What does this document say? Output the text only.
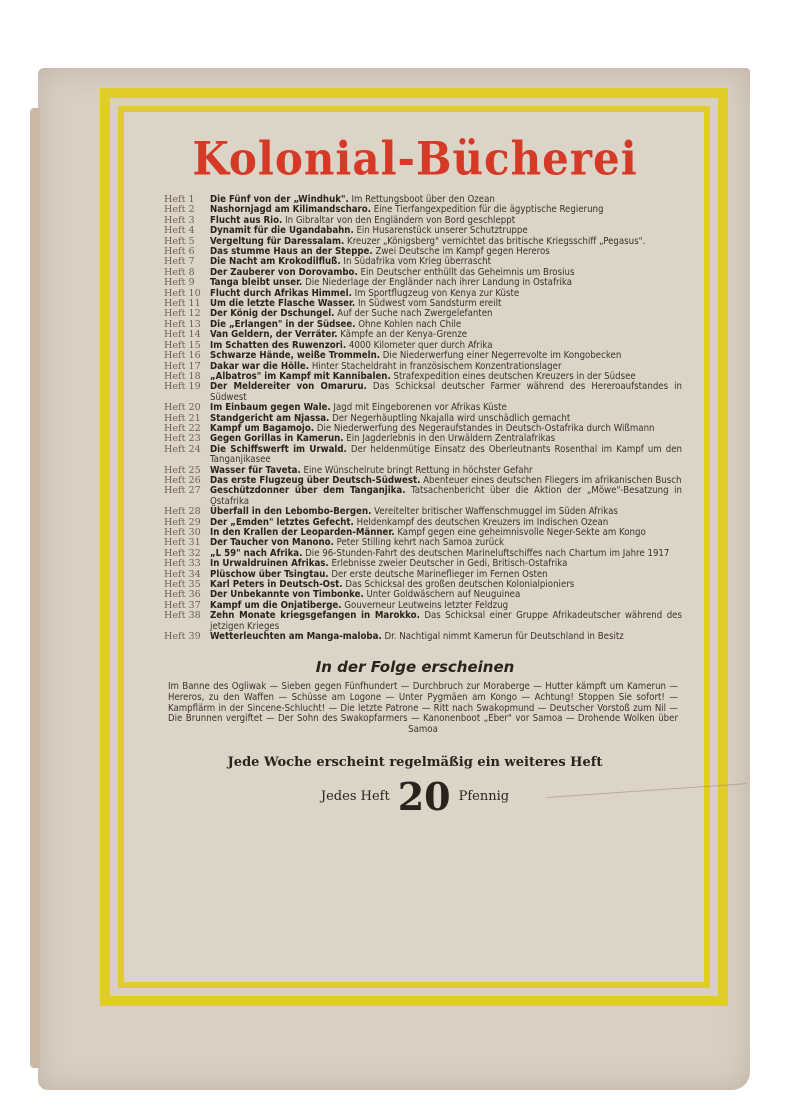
Kolonial-Bücherei
Heft 1	Die Fünf von der „Windhuk". Im Rettungsboot über den Ozean
Heft 2	Nashornjagd am Kilimandscharo. Eine Tierfangexpedition für die ägyptische Regierung
Heft 3	Flucht aus Rio. In Gibraltar von den Engländern von Bord geschleppt
Heft 4	Dynamit für die Ugandabahn. Ein Husarenstück unserer Schutztruppe
Heft 5	Vergeltung für Daressalam. Kreuzer „Königsberg" vernichtet das britische Kriegsschiff „Pegasus".
Heft 6	Das stumme Haus an der Steppe. Zwei Deutsche im Kampf gegen Hereros
Heft 7	Die Nacht am Krokodilfluß. In Südafrika vom Krieg überrascht
Heft 8	Der Zauberer von Dorovambo. Ein Deutscher enthüllt das Geheimnis um Brosius
Heft 9	Tanga bleibt unser. Die Niederlage der Engländer nach ihrer Landung in Ostafrika
Heft 10 Flucht durch Afrikas Himmel. Im Sportflugzeug von Kenya zur Küste
Heft 11 Um die letzte Flasche Wasser. In Südwest vom Sandsturm ereilt
Heft 12 Der König der Dschungel. Auf der Suche nach Zwergelefanten
Heft 13 Die „Erlangen" in der Südsee. Ohne Kohlen nach Chile
Heft 14 Van Geldern, der Verräter. Kämpfe an der Kenya-Grenze
Heft 15 Im Schatten des Ruwenzori. 4000 Kilometer quer durch Afrika
Heft 16 Schwarze Hände, weiße Trommeln. Die Niederwerfung einer Negerrevolte im Kongobecken
Heft 17 Dakar war die Hölle. Hinter Stacheldraht in französischem Konzentrationslager
Heft 18 „Albatros" im Kampf mit Kannibalen. Strafexpedition eines deutschen Kreuzers in der Südsee
Heft 19 Der Meldereiter von Omaruru. Das Schicksal deutscher Farmer während des Hereroaufstandes in Südwest
Heft 20 Im Einbaum gegen Wale. Jagd mit Eingeborenen vor Afrikas Küste
Heft 21 Standgericht am Njassa. Der Negerhäuptling Nkajalla wird unschädlich gemacht
Heft 22 Kampf um Bagamojo. Die Niederwerfung des Negeraufstandes in Deutsch-Ostafrika durch Wißmann
Heft 23 Gegen Gorillas in Kamerun. Ein Jagderlebnis in den Urwäldern Zentralafrikas
Heft 24 Die Schiffswerft im Urwald. Der heldenmütige Einsatz des Oberleutnants Rosenthal im Kampf um den Tanganjikasee
Heft 25 Wasser für Taveta. Eine Wünschelrute bringt Rettung in höchster Gefahr
Heft 26 Das erste Flugzeug über Deutsch-Südwest. Abenteuer eines deutschen Fliegers im afrikanischen Busch
Heft 27 Geschützdonner über dem Tanganjika. Tatsachenbericht über die Aktion der „Möwe"-Besatzung in Ostafrika
Heft 28 Überfall in den Lebombo-Bergen. Vereitelter britischer Waffenschmuggel im Süden Afrikas
Heft 29 Der „Emden" letztes Gefecht. Heldenkampf des deutschen Kreuzers im Indischen Ozean
Heft 30 In den Krallen der Leoparden-Männer. Kampf gegen eine geheimnisvolle Neger-Sekte am Kongo
Heft 31 Der Taucher von Manono. Peter Stilling kehrt nach Samoa zurück
Heft 32 „L 59" nach Afrika. Die 96-Stunden-Fahrt des deutschen Marineluftschiffes nach Chartum im Jahre 1917
Heft 33 In Urwaldruinen Afrikas. Erlebnisse zweier Deutscher in Gedi, Britisch-Ostafrika
Heft 34 Plüschow über Tsingtau. Der erste deutsche Marineflieger im Fernen Osten
Heft 35 Karl Peters in Deutsch-Ost. Das Schicksal des großen deutschen Kolonialpioniers
Heft 36 Der Unbekannte von Timbonke. Unter Goldwäschern auf Neuguinea
Heft 37 Kampf um die Onjatiberge. Gouverneur Leutweins letzter Feldzug
Heft 38 Zehn Monate kriegsgefangen in Marokko. Das Schicksal einer Gruppe Afrikadeutscher während des jetzigen Krieges
Heft 39 Wetterleuchten am Manga-maloba. Dr. Nachtigal nimmt Kamerun für Deutschland in Besitz
In der Folge erscheinen
Im Banne des Ogliwak — Sieben gegen Fünfhundert — Durchbruch zur Moraberge — Hutter kämpft um Kamerun — Hereros, zu den Waffen — Schüsse am Logone — Unter Pygmäen am Kongo — Achtung! Stoppen Sie sofort! — Kampflärm in der Sincene-Schlucht! — Die letzte Patrone — Ritt nach Swakopmund — Deutscher Vorstoß zum Nil — Die Brunnen vergiftet — Der Sohn des Swakopfarmers — Kanonenboot „Eber" vor Samoa — Drohende Wolken über Samoa
Jede Woche erscheint regelmäßig ein weiteres Heft
Jedes Heft 20 Pfennig
